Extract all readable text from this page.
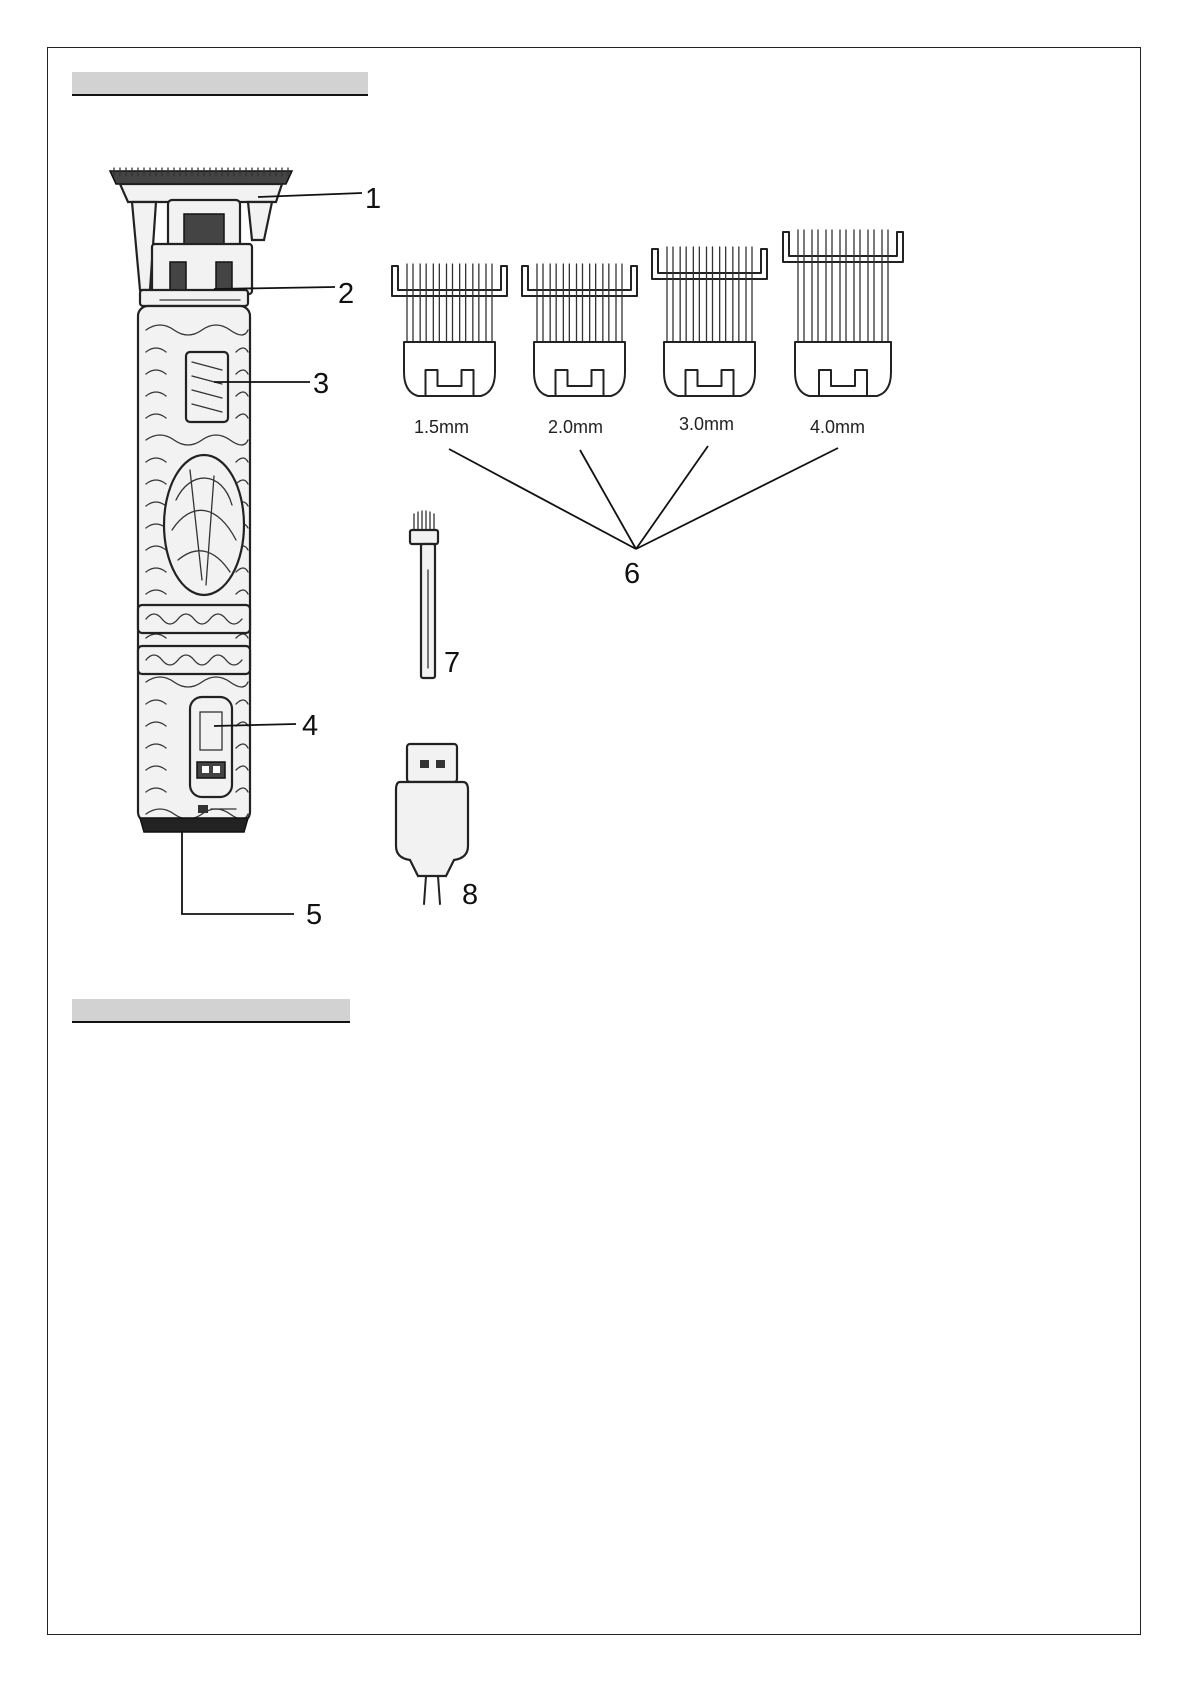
1
2
3
4
5
1.5mm	2.0mm	3.0mm	4.0mm
6
7
8
